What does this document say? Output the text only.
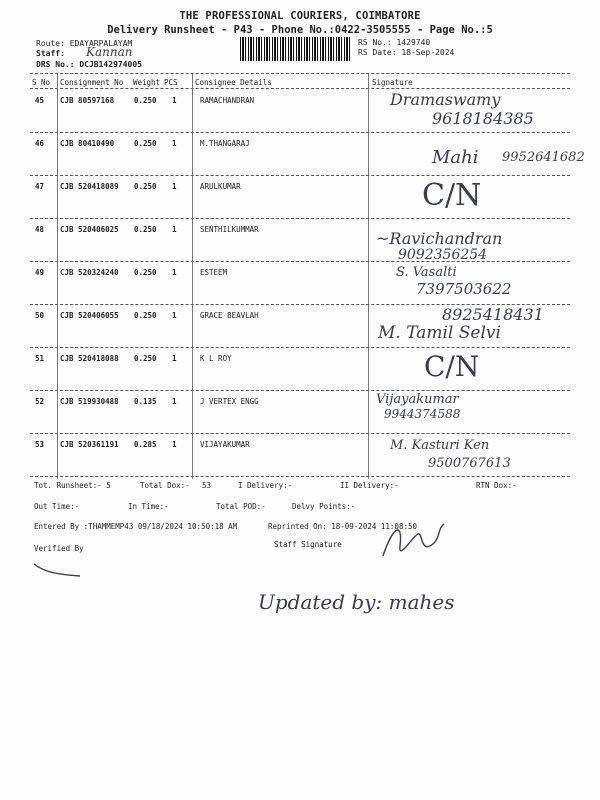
THE PROFESSIONAL COURIERS, COIMBATORE
Delivery Runsheet - P43 - Phone No.:0422-3505555 - Page No.:5
Route: EDAYARPALAYAM
Staff: Kannan
DRS No.: DCJB142974005
RS No.: 1429740
RS Date: 18-Sep-2024
S No Consignment No Weight PCS Consignee Details	Signature
45 CJB 80597168	0.250 1	RAMACHANDRAN	Dramaswamy
9618184385
46 CJB 80410490	0.250 1	M.THANGARAJ
Mahi 9952641682
47 CJB 520418089 0.250 1	ARULKUMAR	C/N
48 CJB 520406025 0.250 1	SENTHILKUMMAR	~Ravichandran
9092356254
49 CJB 520324240 0.250 1	ESTEEM	S. Vasalti
7397503622
50 CJB 520406055 0.250 1	GRACE BEAVLAH	8925418431
M. Tamil Selvi
51 CJB 520418088 0.250 1	K L ROY	C/N
52 CJB 519930488 0.135 1	J VERTEX ENGG	Vijayakumar
9944374588
53 CJB 520361191 0.285 1	VIJAYAKUMAR	M. Kasturi Ken
9500767613
Tot. Runsheet:- 5	Total Dox:- 53	I Delivery:-	II Delivery:-	RTN Dox:-
Out Time:-	In Time:-	Total POD:-	Delvy Points:-
Entered By :THAMMEMP43 09/18/2024 10:50:18 AM	Reprinted On: 18-09-2024 11:08:50
Verified By	Staff Signature
Updated by: mahes
